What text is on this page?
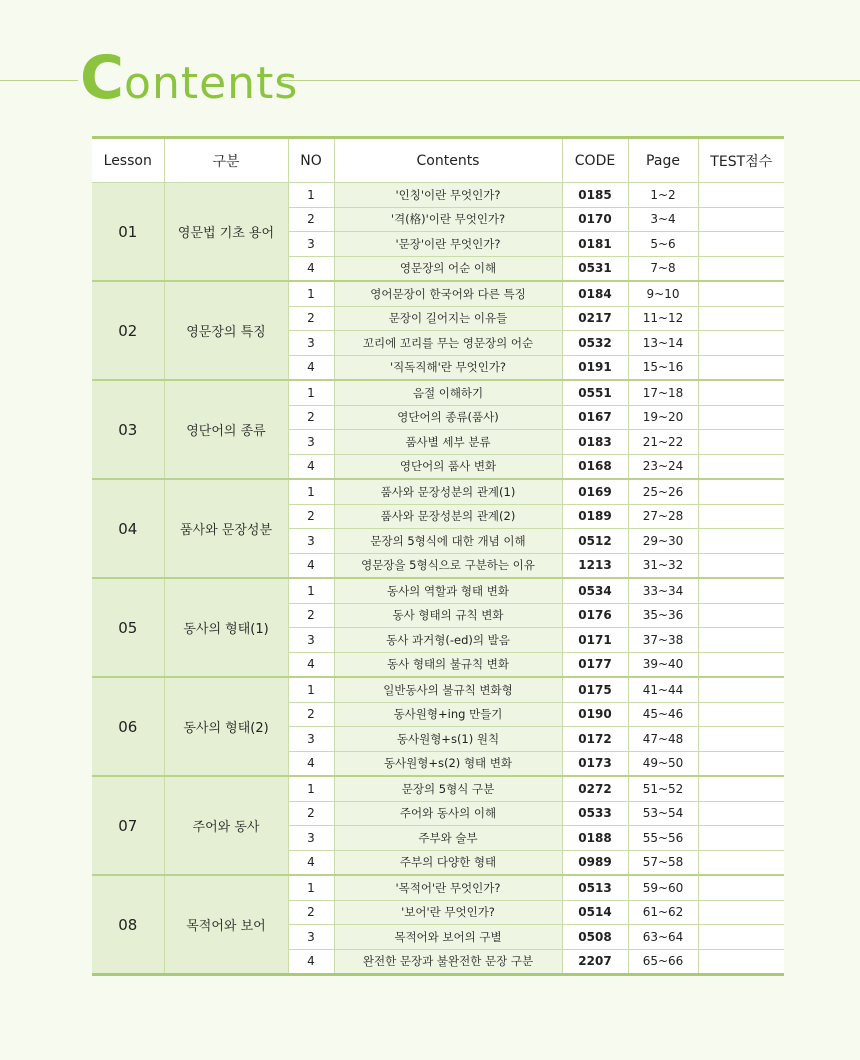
Contents
Lesson	구분	NO	Contents	CODE	Page	TEST점수
01	영문법 기초 용어	1	'인칭'이란 무엇인가?	0185	1~2	
		2	'격(格)'이란 무엇인가?	0170	3~4	
		3	'문장'이란 무엇인가?	0181	5~6	
		4	영문장의 어순 이해	0531	7~8	
02	영문장의 특징	1	영어문장이 한국어와 다른 특징	0184	9~10	
		2	문장이 길어지는 이유들	0217	11~12	
		3	꼬리에 꼬리를 무는 영문장의 어순	0532	13~14	
		4	'직독직해'란 무엇인가?	0191	15~16	
03	영단어의 종류	1	음절 이해하기	0551	17~18	
		2	영단어의 종류(품사)	0167	19~20	
		3	품사별 세부 분류	0183	21~22	
		4	영단어의 품사 변화	0168	23~24	
04	품사와 문장성분	1	품사와 문장성분의 관계(1)	0169	25~26	
		2	품사와 문장성분의 관계(2)	0189	27~28	
		3	문장의 5형식에 대한 개념 이해	0512	29~30	
		4	영문장을 5형식으로 구분하는 이유	1213	31~32	
05	동사의 형태(1)	1	동사의 역할과 형태 변화	0534	33~34	
		2	동사 형태의 규칙 변화	0176	35~36	
		3	동사 과거형(-ed)의 발음	0171	37~38	
		4	동사 형태의 불규칙 변화	0177	39~40	
06	동사의 형태(2)	1	일반동사의 불규칙 변화형	0175	41~44	
		2	동사원형+ing 만들기	0190	45~46	
		3	동사원형+s(1) 원칙	0172	47~48	
		4	동사원형+s(2) 형태 변화	0173	49~50	
07	주어와 동사	1	문장의 5형식 구분	0272	51~52	
		2	주어와 동사의 이해	0533	53~54	
		3	주부와 술부	0188	55~56	
		4	주부의 다양한 형태	0989	57~58	
08	목적어와 보어	1	'목적어'란 무엇인가?	0513	59~60	
		2	'보어'란 무엇인가?	0514	61~62	
		3	목적어와 보어의 구별	0508	63~64	
		4	완전한 문장과 불완전한 문장 구분	2207	65~66	
